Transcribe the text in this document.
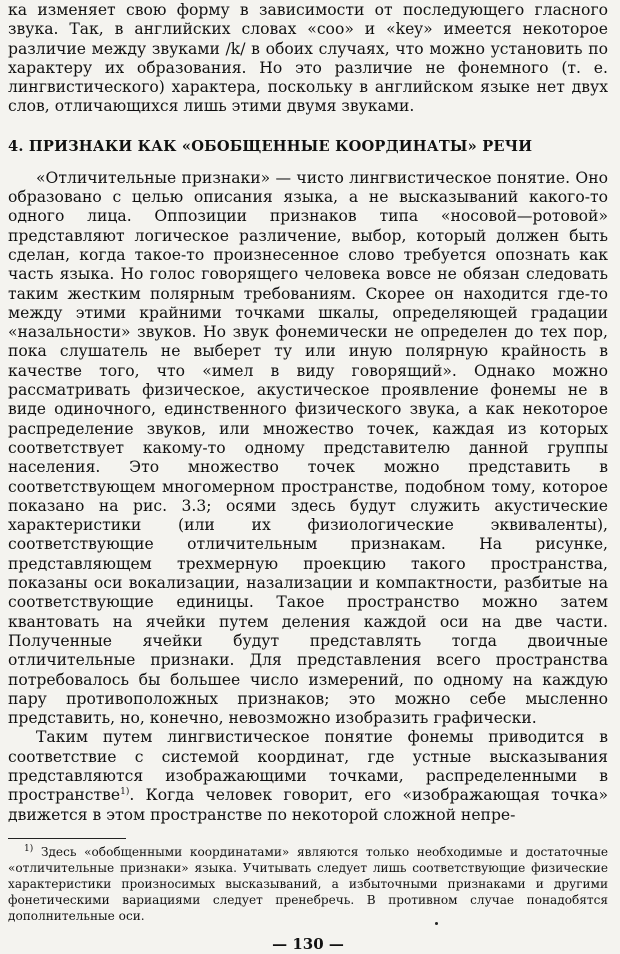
ка изменяет свою форму в зависимости от последующего гласного звука. Так, в английских словах «coo» и «key» имеется некоторое различие между звуками /k/ в обоих случаях, что можно установить по характеру их образования. Но это различие не фонемного (т. е. лингвистического) характера, поскольку в английском языке нет двух слов, отличающихся лишь этими двумя звуками.

4. ПРИЗНАКИ КАК «ОБОБЩЕННЫЕ КООРДИНАТЫ» РЕЧИ

«Отличительные признаки» — чисто лингвистическое понятие. Оно образовано с целью описания языка, а не высказываний какого-то одного лица. Оппозиции признаков типа «носовой—ротовой» представляют логическое различение, выбор, который должен быть сделан, когда такое-то произнесенное слово требуется опознать как часть языка. Но голос говорящего человека вовсе не обязан следовать таким жестким полярным требованиям. Скорее он находится где-то между этими крайними точками шкалы, определяющей градации «назальности» звуков. Но звук фонемически не определен до тех пор, пока слушатель не выберет ту или иную полярную крайность в качестве того, что «имел в виду говорящий». Однако можно рассматривать физическое, акустическое проявление фонемы не в виде одиночного, единственного физического звука, а как некоторое распределение звуков, или множество точек, каждая из которых соответствует какому-то одному представителю данной группы населения. Это множество точек можно представить в соответствующем многомерном пространстве, подобном тому, которое показано на рис. 3.3; осями здесь будут служить акустические характеристики (или их физиологические эквиваленты), соответствующие отличительным признакам. На рисунке, представляющем трехмерную проекцию такого пространства, показаны оси вокализации, назализации и компактности, разбитые на соответствующие единицы. Такое пространство можно затем квантовать на ячейки путем деления каждой оси на две части. Полученные ячейки будут представлять тогда двоичные отличительные признаки. Для представления всего пространства потребовалось бы большее число измерений, по одному на каждую пару противоположных признаков; это можно себе мысленно представить, но, конечно, невозможно изобразить графически.

Таким путем лингвистическое понятие фонемы приводится в соответствие с системой координат, где устные высказывания представляются изображающими точками, распределенными в пространстве$^{1)}$. Когда человек говорит, его «изображающая точка» движется в этом пространстве по некоторой сложной непре-

$^{1)}$ Здесь «обобщенными координатами» являются только необходимые и достаточные «отличительные признаки» языка. Учитывать следует лишь соответствующие физические характеристики произносимых высказываний, а избыточными признаками и другими фонетическими вариациями следует пренебречь. В противном случае понадобятся дополнительные оси.

— 130 —
